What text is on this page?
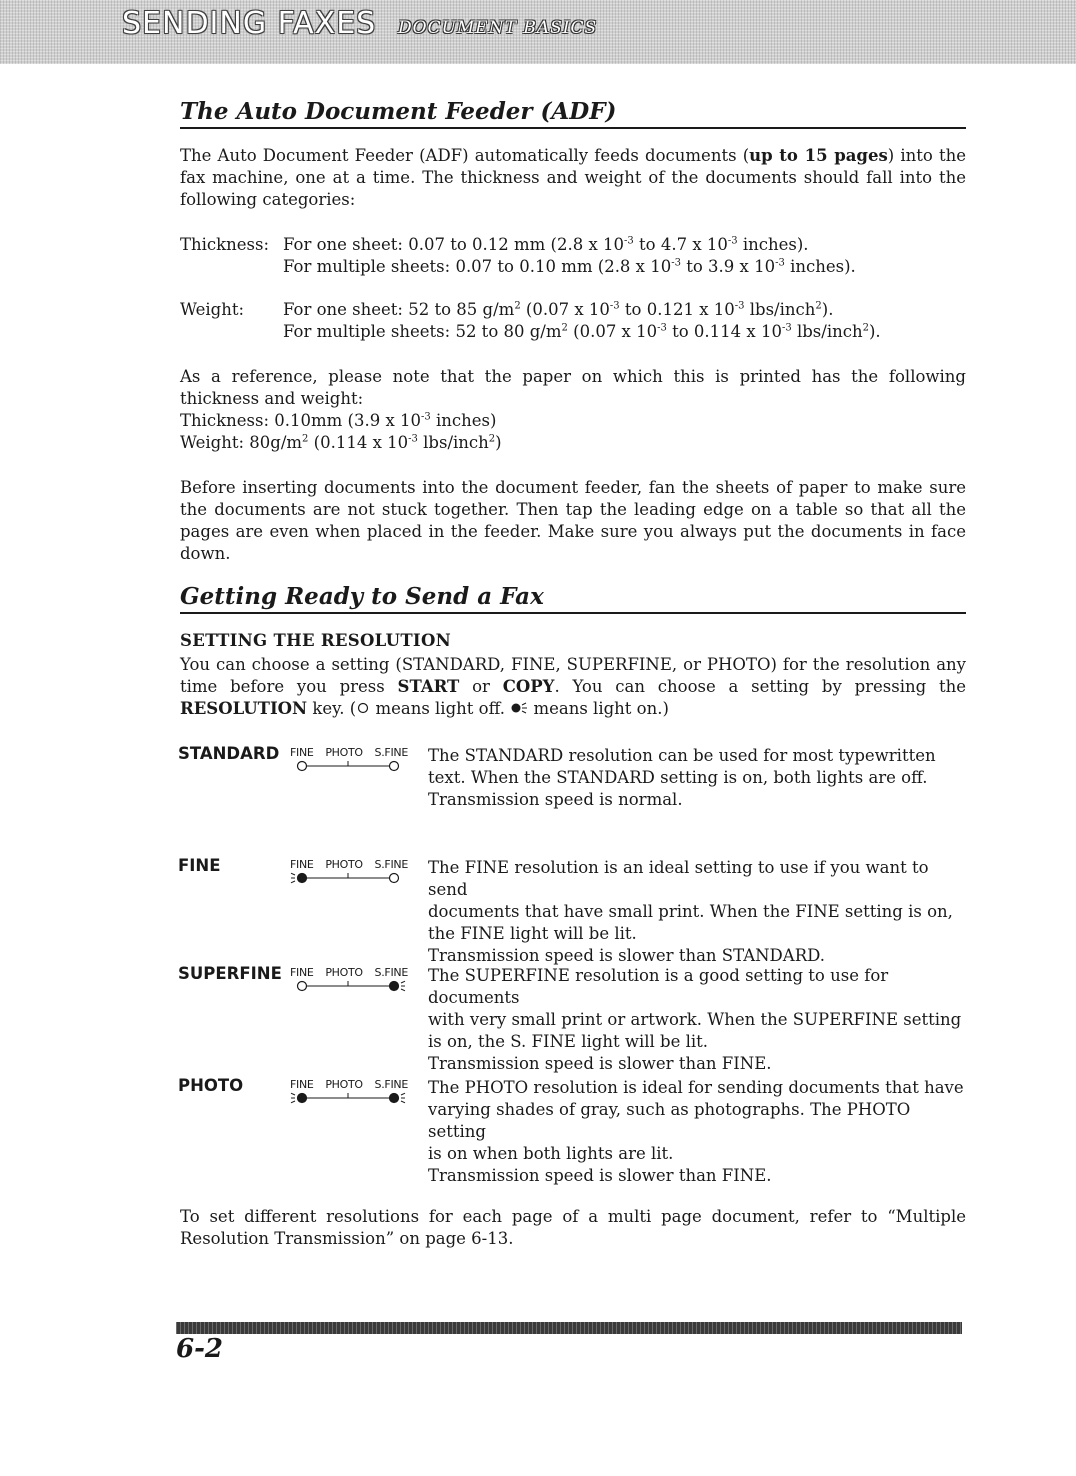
SENDING FAXES DOCUMENT BASICS
The Auto Document Feeder (ADF)
The Auto Document Feeder (ADF) automatically feeds documents (up to 15 pages) into the fax machine, one at a time. The thickness and weight of the documents should fall into the following categories:
Thickness: For one sheet: 0.07 to 0.12 mm (2.8 x $10^{-3}$ to 4.7 x $10^{-3}$ inches).
For multiple sheets: 0.07 to 0.10 mm (2.8 x $10^{-3}$ to 3.9 x $10^{-3}$ inches).
Weight: For one sheet: 52 to 85 $g/m^2$ (0.07 x $10^{-3}$ to 0.121 x $10^{-3}$ lbs/inch$^2$).
For multiple sheets: 52 to 80 $g/m^2$ (0.07 x $10^{-3}$ to 0.114 x $10^{-3}$ lbs/inch$^2$).
As a reference, please note that the paper on which this is printed has the following thickness and weight:
Thickness: 0.10mm (3.9 x $10^{-3}$ inches)
Weight: $80g/m^2$ (0.114 x $10^{-3}$ lbs/inch$^2$)
Before inserting documents into the document feeder, fan the sheets of paper to make sure the documents are not stuck together. Then tap the leading edge on a table so that all the pages are even when placed in the feeder. Make sure you always put the documents in face down.
Getting Ready to Send a Fax
SETTING THE RESOLUTION
You can choose a setting (STANDARD, FINE, SUPERFINE, or PHOTO) for the resolution any time before you press START or COPY. You can choose a setting by pressing the RESOLUTION key. ( means light off.  means light on.)
STANDARD FINE PHOTO S.FINE The STANDARD resolution can be used for most typewritten
text. When the STANDARD setting is on, both lights are off.
Transmission speed is normal.
FINE	FINE PHOTO S.FINE The FINE resolution is an ideal setting to use if you want to send
documents that have small print. When the FINE setting is on,
the FINE light will be lit.
Transmission speed is slower than STANDARD.
SUPERFINE FINE PHOTO S.FINE The SUPERFINE resolution is a good setting to use for documents
with very small print or artwork. When the SUPERFINE setting
is on, the S. FINE light will be lit.
Transmission speed is slower than FINE.
PHOTO	FINE PHOTO S.FINE The PHOTO resolution is ideal for sending documents that have
varying shades of gray, such as photographs. The PHOTO setting
is on when both lights are lit.
Transmission speed is slower than FINE.
To set different resolutions for each page of a multi page document, refer to “Multiple Resolution Transmission” on page 6-13.
6-2
